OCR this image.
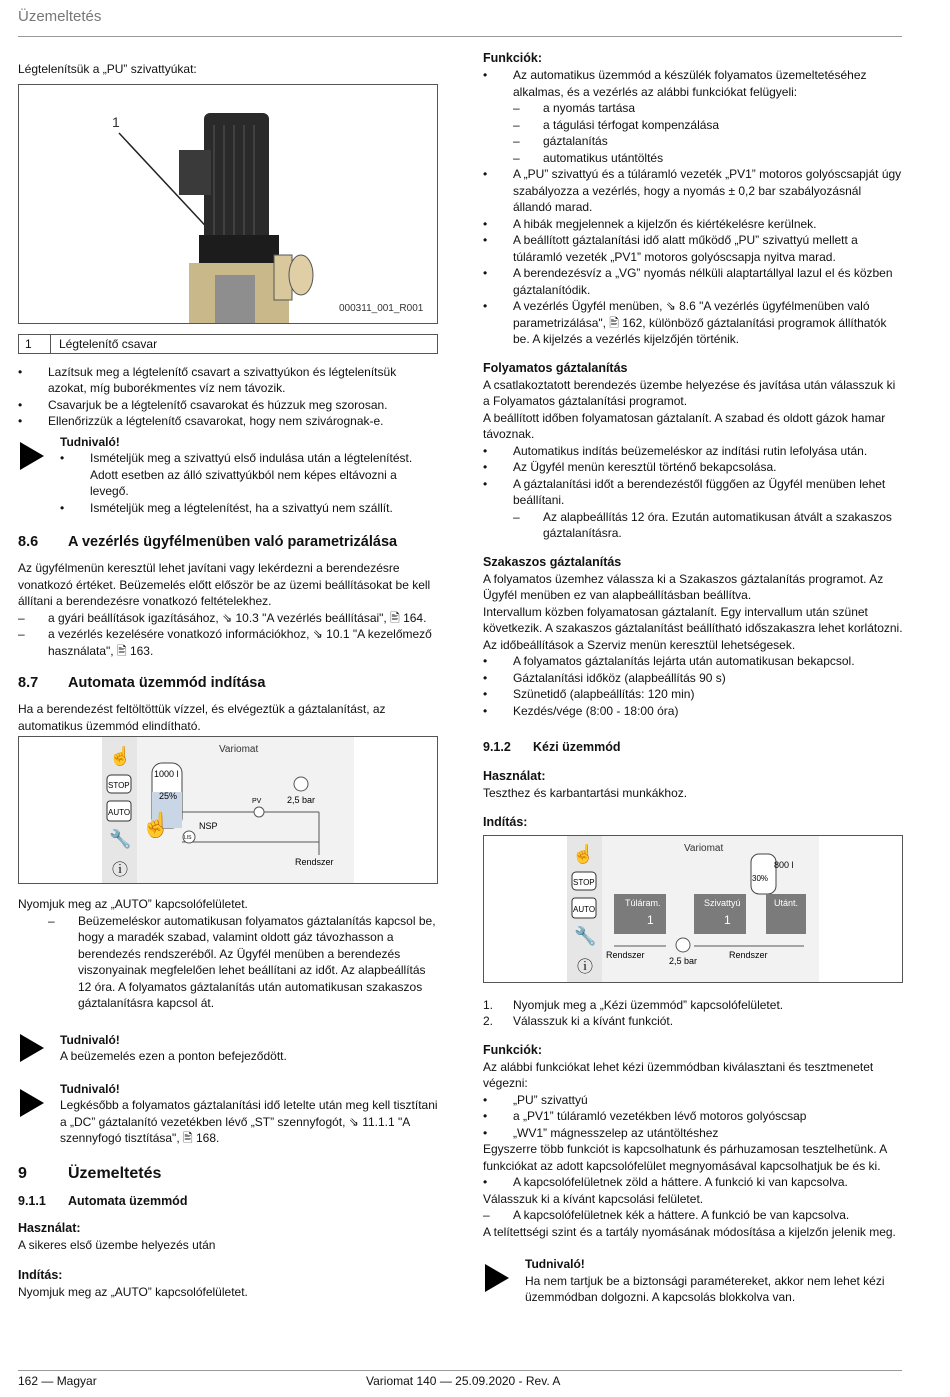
Üzemeltetés

Légtelenítsük a „PU” szivattyúkat:

1
000311_001_R001
1	Légtelenítő csavar
• Lazítsuk meg a légtelenítő csavart a szivattyúkon és légtelenítsük azokat, míg buborékmentes víz nem távozik.
• Csavarjuk be a légtelenítő csavarokat és húzzuk meg szorosan.
• Ellenőrizzük a légtelenítő csavarokat, hogy nem szivárognak-e.
Tudnivaló!
• Ismételjük meg a szivattyú első indulása után a légtelenítést. Adott esetben az álló szivattyúkból nem képes eltávozni a levegő.
• Ismételjük meg a légtelenítést, ha a szivattyú nem szállít.
8.6	A vezérlés ügyfélmenüben való parametrizálása

Az ügyfélmenün keresztül lehet javítani vagy lekérdezni a berendezésre vonatkozó értéket. Beüzemelés előtt először be az üzemi beállításokat be kell állítani a berendezésre vonatkozó feltételekhez.

– a gyári beállítások igazításához, ⇘ 10.3 "A vezérlés beállításai", 🖹 164.
– a vezérlés kezelésére vonatkozó információkhoz, ⇘ 10.1 "A kezelőmező használata", 🖹 163.
8.7	Automata üzemmód indítása

Ha a berendezést feltöltöttük vízzel, és elvégeztük a gáztalanítást, az automatikus üzemmód elindítható.

STOP
AUTO
☝
🔧
ⓘ
Variomat
1000 l
25%
PV
NSP
LIS
2,5 bar
Rendszer
☝

Nyomjuk meg az „AUTO” kapcsolófelületet.

– Beüzemeléskor automatikusan folyamatos gáztalanítás kapcsol be, hogy a maradék szabad, valamint oldott gáz távozhasson a berendezés rendszeréből. Az Ügyfél menüben a berendezés viszonyainak megfelelően lehet beállítani az időt. Az alapbeállítás 12 óra. A folyamatos gáztalanítás után automatikusan szakaszos gáztalanításra kapcsol át.
Tudnivaló!

A beüzemelés ezen a ponton befejeződött.

Tudnivaló!

Legkésőbb a folyamatos gáztalanítási idő letelte után meg kell tisztítani a „DC” gáztalanító vezetékben lévő „ST” szennyfogót, ⇘ 11.1.1 "A szennyfogó tisztítása", 🖹 168.

9	Üzemeltetés
9.1.1	Automata üzemmód
Használat:

A sikeres első üzembe helyezés után

Indítás:

Nyomjuk meg az „AUTO” kapcsolófelületet.

Funkciók:
• Az automatikus üzemmód a készülék folyamatos üzemeltetéséhez alkalmas, és a vezérlés az alábbi funkciókat felügyeli:
– a nyomás tartása
– a tágulási térfogat kompenzálása
– gáztalanítás
– automatikus utántöltés
• A „PU” szivattyú és a túláramló vezeték „PV1” motoros golyóscsapját úgy szabályozza a vezérlés, hogy a nyomás ± 0,2 bar szabályozásnál állandó marad.
• A hibák megjelennek a kijelzőn és kiértékelésre kerülnek.
• A beállított gáztalanítási idő alatt működő „PU” szivattyú mellett a túláramló vezeték „PV1” motoros golyóscsapja nyitva marad.
• A berendezésvíz a „VG” nyomás nélküli alaptartállyal lazul el és közben gáztalanítódik.
• A vezérlés Ügyfél menüben, ⇘ 8.6 "A vezérlés ügyfélmenüben való parametrizálása", 🖹 162, különböző gáztalanítási programok állíthatók be. A kijelzés a vezérlés kijelzőjén történik.
Folyamatos gáztalanítás

A csatlakoztatott berendezés üzembe helyezése és javítása után válasszuk ki a Folyamatos gáztalanítási programot.

A beállított időben folyamatosan gáztalanít. A szabad és oldott gázok hamar távoznak.

• Automatikus indítás beüzemeléskor az indítási rutin lefolyása után.
• Az Ügyfél menün keresztül történő bekapcsolása.
• A gáztalanítási időt a berendezéstől függően az Ügyfél menüben lehet beállítani.
– Az alapbeállítás 12 óra. Ezután automatikusan átvált a szakaszos gáztalanításra.
Szakaszos gáztalanítás

A folyamatos üzemhez válassza ki a Szakaszos gáztalanítás programot. Az Ügyfél menüben ez van alapbeállításban beállítva.

Intervallum közben folyamatosan gáztalanít. Egy intervallum után szünet következik. A szakaszos gáztalanítást beállítható időszakaszra lehet korlátozni. Az időbeállítások a Szerviz menün keresztül lehetségesek.

• A folyamatos gáztalanítás lejárta után automatikusan bekapcsol.
• Gáztalanítási időköz (alapbeállítás 90 s)
• Szünetidő (alapbeállítás: 120 min)
• Kezdés/vége (8:00 - 18:00 óra)
9.1.2	Kézi üzemmód
Használat:

Teszthez és karbantartási munkákhoz.

Indítás:
☝
STOP
AUTO
🔧
ⓘ
Variomat
800 l
30%
Túláram.
1
Szivattyú
1
Utánt.
Rendszer	Rendszer
2,5 bar
1. Nyomjuk meg a „Kézi üzemmód” kapcsolófelületet.
2. Válasszuk ki a kívánt funkciót.
Funkciók:

Az alábbi funkciókat lehet kézi üzemmódban kiválasztani és tesztmenetet végezni:

• „PU” szivattyú
• a „PV1” túláramló vezetékben lévő motoros golyóscsap
• „WV1” mágnesszelep az utántöltéshez

Egyszerre több funkciót is kapcsolhatunk és párhuzamosan tesztelhetünk. A funkciókat az adott kapcsolófelület megnyomásával kapcsolhatjuk be és ki.

• A kapcsolófelületnek zöld a háttere. A funkció ki van kapcsolva.

Válasszuk ki a kívánt kapcsolási felületet.

– A kapcsolófelületnek kék a háttere. A funkció be van kapcsolva.

A telítettségi szint és a tartály nyomásának módosítása a kijelzőn jelenik meg.

Tudnivaló!

Ha nem tartjuk be a biztonsági paramétereket, akkor nem lehet kézi üzemmódban dolgozni. A kapcsolás blokkolva van.

162 — Magyar	Variomat 140 — 25.09.2020 - Rev. A
